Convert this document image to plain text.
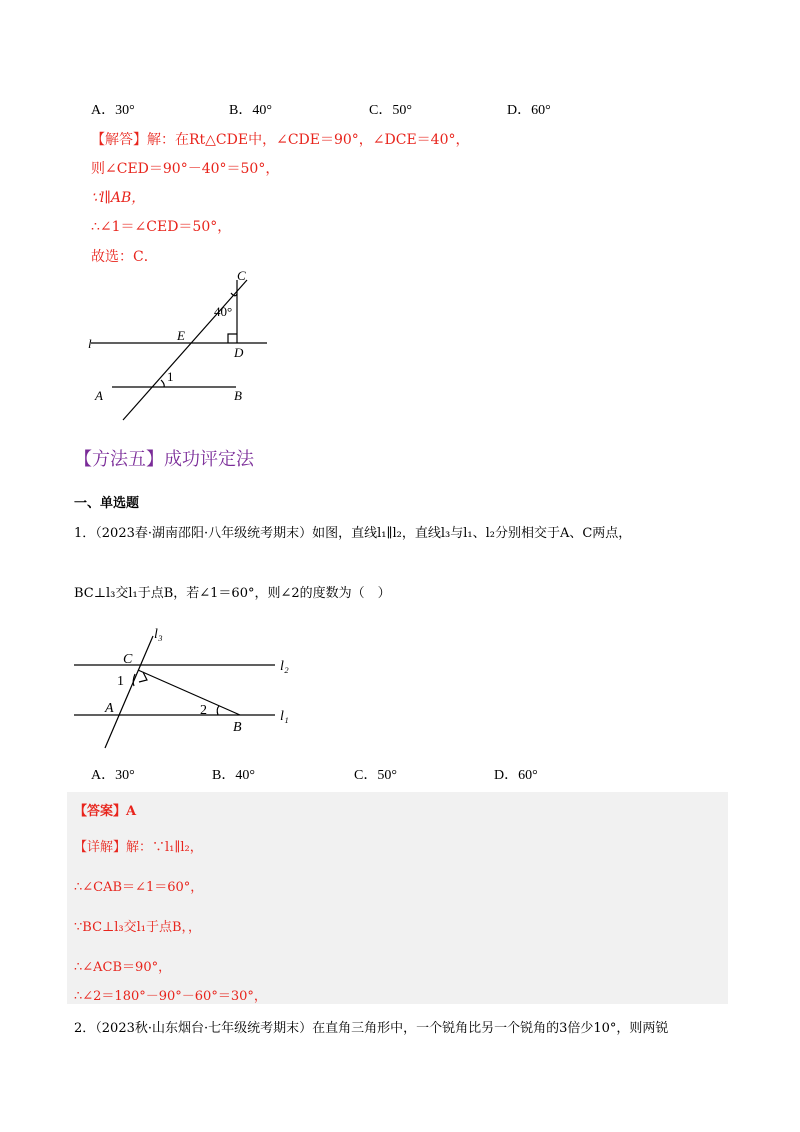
A．30°	B．40°	C．50°	D．60°
【解答】解：在Rt△CDE中，∠CDE＝90°，∠DCE＝40°，
则∠CED＝90°－40°＝50°，
∵l∥AB，
∴∠1＝∠CED＝50°，
故选：C．
C
40°
E
D
l
1
A	B
【方法五】成功评定法
一、单选题
1．（2023春·湖南邵阳·八年级统考期末）如图，直线l₁∥l₂，直线l₃与l₁、l₂分别相交于A、C两点，
BC⊥l₃交l₁于点B，若∠1＝60°，则∠2的度数为（　）
l₃
C	l₂
1
A	2
B
l₁
A．30°	B．40°	C．50°	D．60°
【答案】A
【详解】解：∵l₁∥l₂，
∴∠CAB＝∠1＝60°，
∵BC⊥l₃交l₁于点B，，
∴∠ACB＝90°，
∴∠2＝180°－90°－60°＝30°，
2．（2023秋·山东烟台·七年级统考期末）在直角三角形中，一个锐角比另一个锐角的3倍少10°，则两锐
